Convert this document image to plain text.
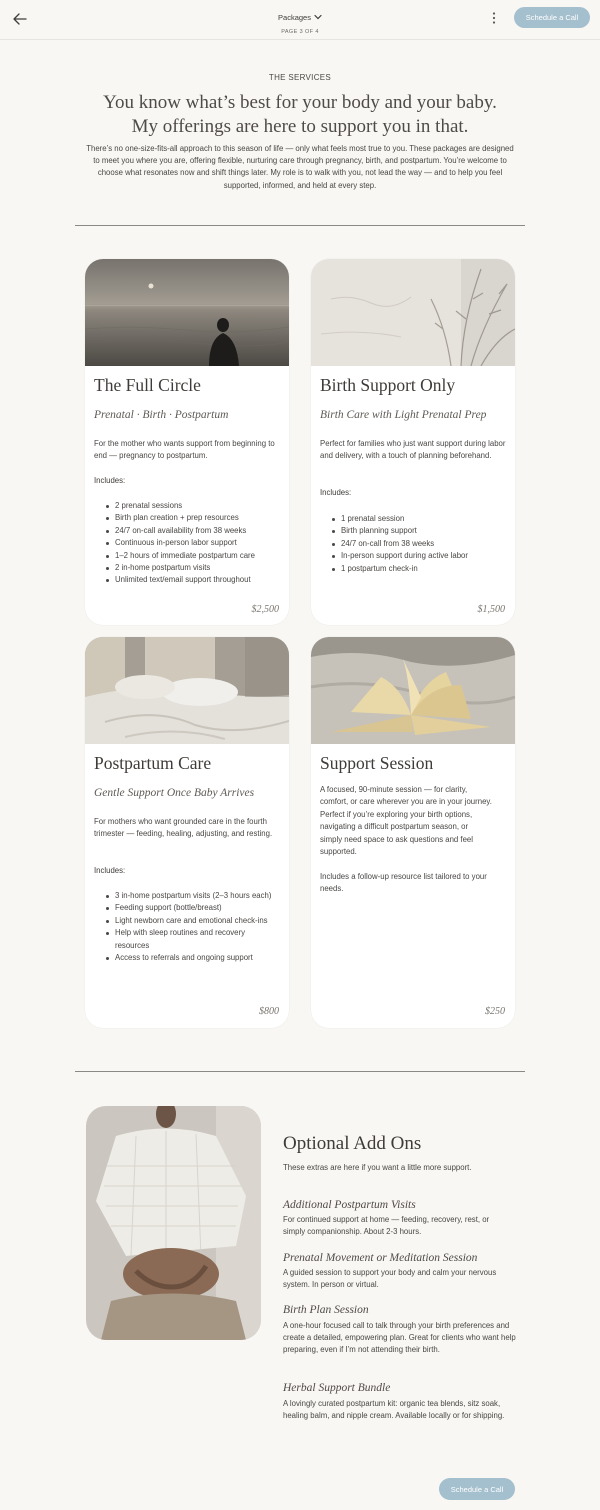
Packages
PAGE 3 OF 4
Schedule a Call
THE SERVICES
You know what’s best for your body and your baby.
My offerings are here to support you in that.

There’s no one-size-fits-all approach to this season of life — only what feels most true to you. These packages are designed to meet you where you are, offering flexible, nurturing care through pregnancy, birth, and postpartum. You’re welcome to choose what resonates now and shift things later. My role is to walk with you, not lead the way — and to help you feel supported, informed, and held at every step.

The Full Circle
Prenatal · Birth · Postpartum

For the mother who wants support from beginning to end — pregnancy to postpartum.

Includes:
2 prenatal sessions
Birth plan creation + prep resources
24/7 on-call availability from 38 weeks
Continuous in-person labor support
1–2 hours of immediate postpartum care
2 in-home postpartum visits
Unlimited text/email support throughout
$2,500
Birth Support Only
Birth Care with Light Prenatal Prep

Perfect for families who just want support during labor and delivery, with a touch of planning beforehand.

Includes:
1 prenatal session
Birth planning support
24/7 on-call from 38 weeks
In-person support during active labor
1 postpartum check-in
$1,500
Postpartum Care
Gentle Support Once Baby Arrives

For mothers who want grounded care in the fourth trimester — feeding, healing, adjusting, and resting.

Includes:
3 in-home postpartum visits (2–3 hours each)
Feeding support (bottle/breast)
Light newborn care and emotional check-ins
Help with sleep routines and recovery resources
Access to referrals and ongoing support
$800
Support Session

A focused, 90-minute session — for clarity, comfort, or care wherever you are in your journey. Perfect if you’re exploring your birth options, navigating a difficult postpartum season, or simply need space to ask questions and feel supported.

Includes a follow-up resource list tailored to your needs.

$250
Optional Add Ons
These extras are here if you want a little more support.
Additional Postpartum Visits

For continued support at home — feeding, recovery, rest, or simply companionship. About 2-3 hours.

Prenatal Movement or Meditation Session

A guided session to support your body and calm your nervous system. In person or virtual.

Birth Plan Session

A one-hour focused call to talk through your birth preferences and create a detailed, empowering plan. Great for clients who want help preparing, even if I’m not attending their birth.

Herbal Support Bundle

A lovingly curated postpartum kit: organic tea blends, sitz soak, healing balm, and nipple cream. Available locally or for shipping.

Schedule a Call
